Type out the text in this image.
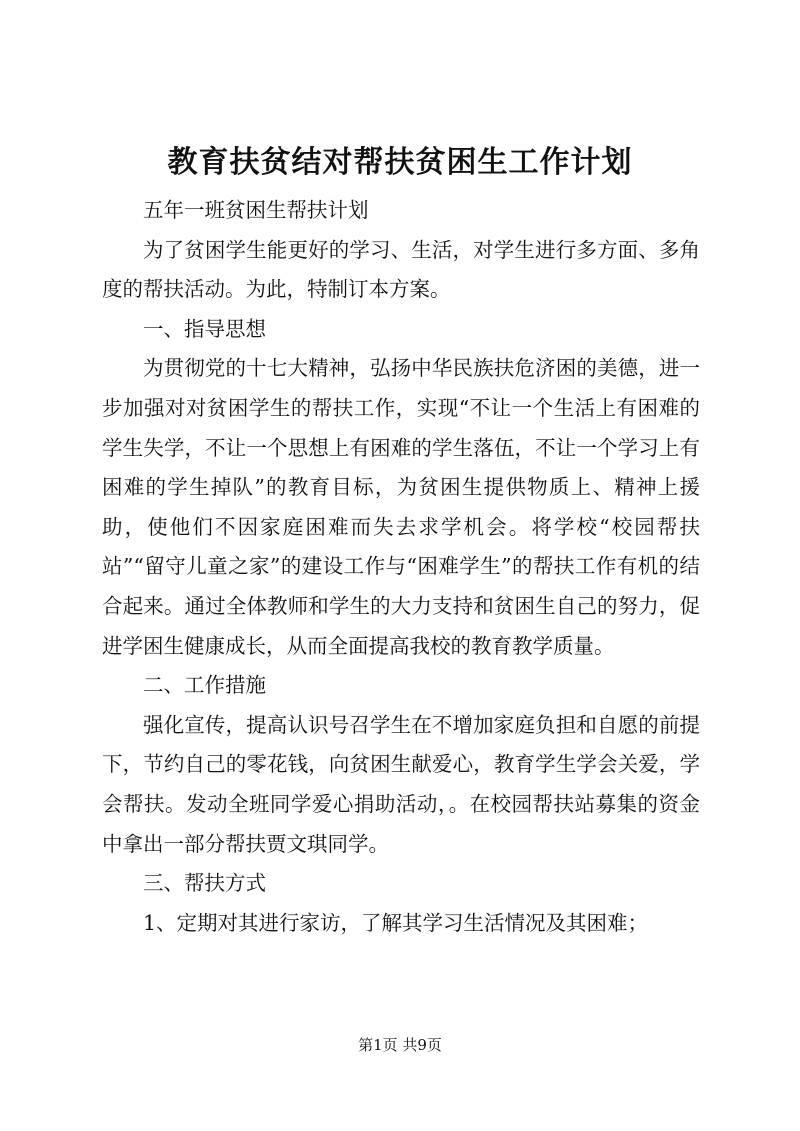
教育扶贫结对帮扶贫困生工作计划

五年一班贫困生帮扶计划

为了贫困学生能更好的学习、生活，对学生进行多方面、多角度的帮扶活动。为此，特制订本方案。

一、指导思想

为贯彻党的十七大精神，弘扬中华民族扶危济困的美德，进一步加强对对贫困学生的帮扶工作，实现“不让一个生活上有困难的学生失学，不让一个思想上有困难的学生落伍，不让一个学习上有困难的学生掉队”的教育目标，为贫困生提供物质上、精神上援助，使他们不因家庭困难而失去求学机会。将学校“校园帮扶站”“留守儿童之家”的建设工作与“困难学生”的帮扶工作有机的结合起来。通过全体教师和学生的大力支持和贫困生自己的努力，促进学困生健康成长，从而全面提高我校的教育教学质量。

二、工作措施

强化宣传，提高认识号召学生在不增加家庭负担和自愿的前提下，节约自己的零花钱，向贫困生献爱心，教育学生学会关爱，学会帮扶。发动全班同学爱心捐助活动，。在校园帮扶站募集的资金中拿出一部分帮扶贾文琪同学。

三、帮扶方式

1、定期对其进行家访，了解其学习生活情况及其困难；

第1页 共9页
